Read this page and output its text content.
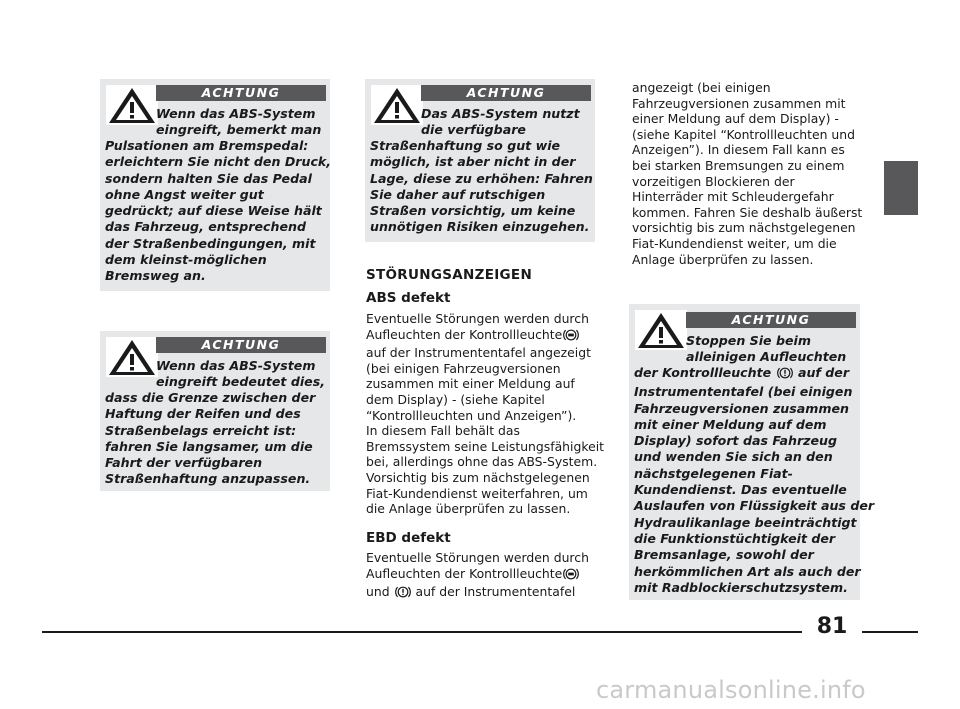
ACHTUNG
Wenn das ABS-System
eingreift, bemerkt man
Pulsationen am Bremspedal:
erleichtern Sie nicht den Druck,
sondern halten Sie das Pedal
ohne Angst weiter gut
gedrückt; auf diese Weise hält
das Fahrzeug, entsprechend
der Straßenbedingungen, mit
dem kleinst-möglichen
Bremsweg an.
ACHTUNG
Wenn das ABS-System
eingreift bedeutet dies,
dass die Grenze zwischen der
Haftung der Reifen und des
Straßenbelags erreicht ist:
fahren Sie langsamer, um die
Fahrt der verfügbaren
Straßenhaftung anzupassen.
ACHTUNG
Das ABS-System nutzt
die verfügbare
Straßenhaftung so gut wie
möglich, ist aber nicht in der
Lage, diese zu erhöhen: Fahren
Sie daher auf rutschigen
Straßen vorsichtig, um keine
unnötigen Risiken einzugehen.
STÖRUNGSANZEIGEN
ABS defekt
Eventuelle Störungen werden durch
Aufleuchten der Kontrollleuchte
auf der Instrumententafel angezeigt
(bei einigen Fahrzeugversionen
zusammen mit einer Meldung auf
dem Display) - (siehe Kapitel
“Kontrollleuchten und Anzeigen”).
In diesem Fall behält das
Bremssystem seine Leistungsfähigkeit
bei, allerdings ohne das ABS-System.
Vorsichtig bis zum nächstgelegenen
Fiat-Kundendienst weiterfahren, um
die Anlage überprüfen zu lassen.
EBD defekt
Eventuelle Störungen werden durch
Aufleuchten der Kontrollleuchte
und auf der Instrumententafel
angezeigt (bei einigen
Fahrzeugversionen zusammen mit
einer Meldung auf dem Display) -
(siehe Kapitel “Kontrollleuchten und
Anzeigen”). In diesem Fall kann es
bei starken Bremsungen zu einem
vorzeitigen Blockieren der
Hinterräder mit Schleudergefahr
kommen. Fahren Sie deshalb äußerst
vorsichtig bis zum nächstgelegenen
Fiat-Kundendienst weiter, um die
Anlage überprüfen zu lassen.
ACHTUNG
Stoppen Sie beim
alleinigen Aufleuchten
der Kontrollleuchte auf der
Instrumententafel (bei einigen
Fahrzeugversionen zusammen
mit einer Meldung auf dem
Display) sofort das Fahrzeug
und wenden Sie sich an den
nächstgelegenen Fiat-
Kundendienst. Das eventuelle
Auslaufen von Flüssigkeit aus der
Hydraulikanlage beeinträchtigt
die Funktionstüchtigkeit der
Bremsanlage, sowohl der
herkömmlichen Art als auch der
mit Radblockierschutzsystem.
81
carmanualsonline.info
